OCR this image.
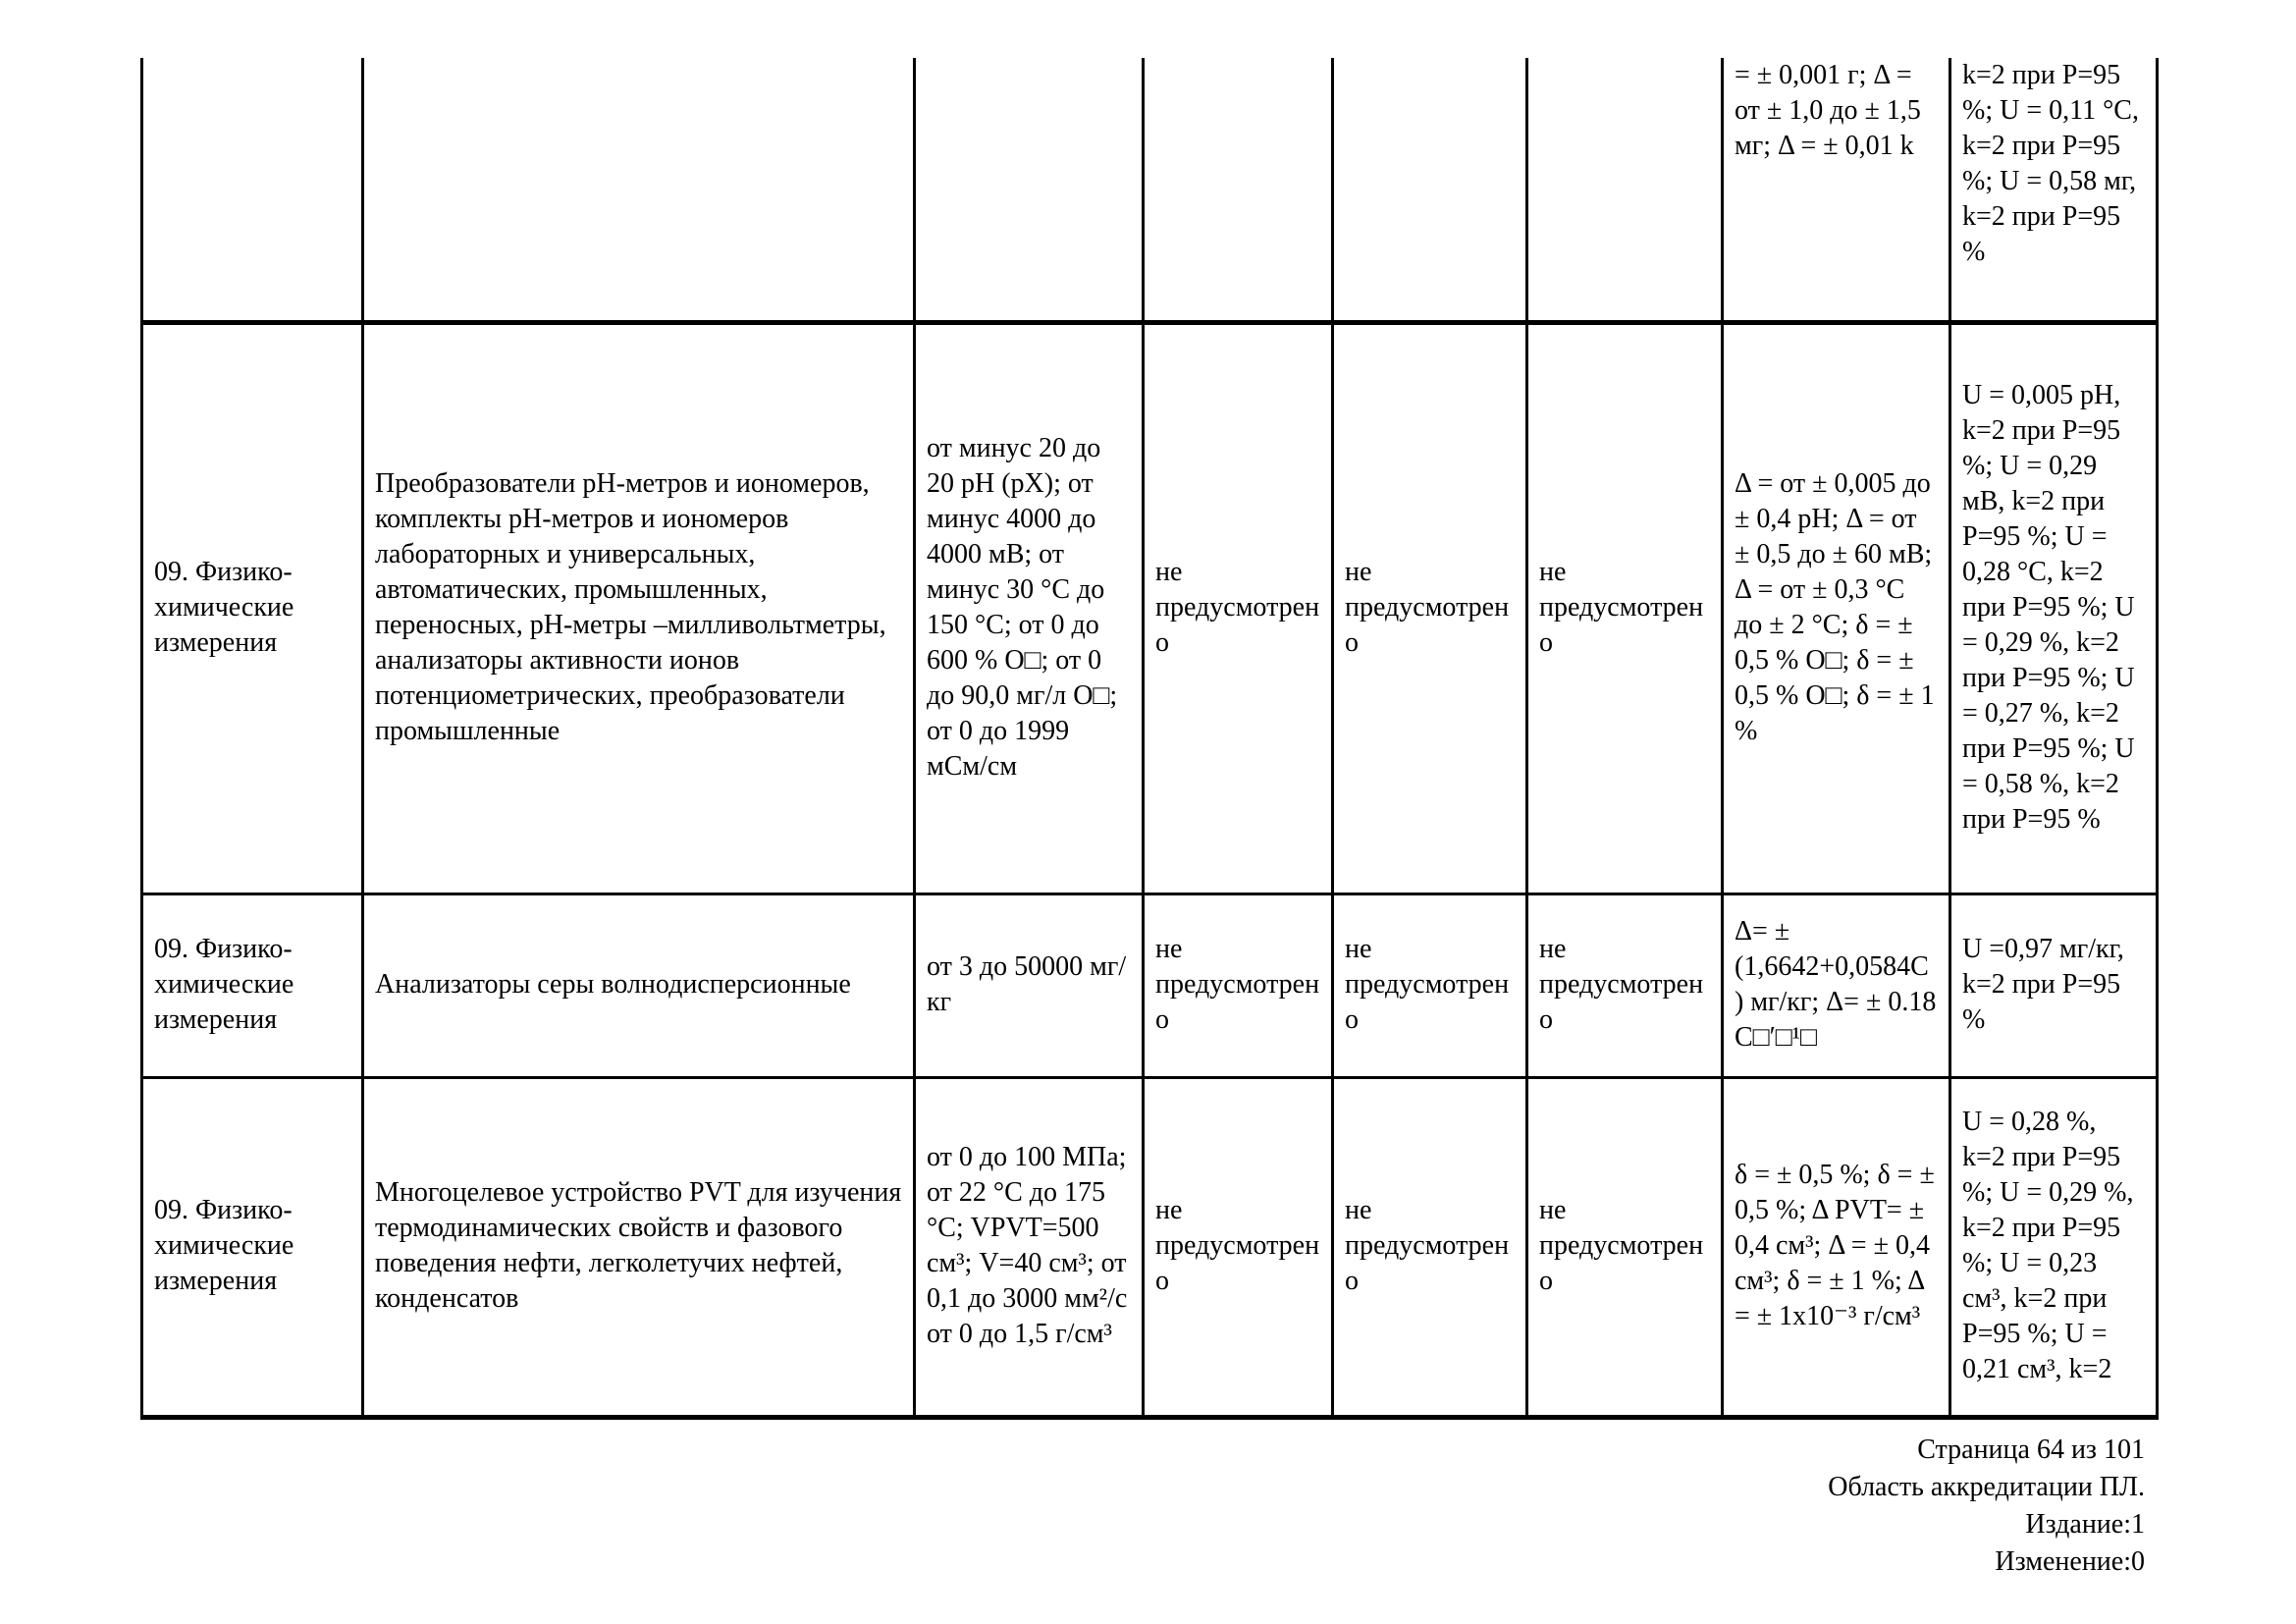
						= ± 0,001 г; Δ = от ± 1,0 до ± 1,5 мг; Δ = ± 0,01 k	k=2 при Р=95 %; U = 0,11 °С, k=2 при Р=95 %; U = 0,58 мг, k=2 при Р=95 %
09. Физико-химические измерения	Преобразователи рН-метров и иономеров, комплекты рН-метров и иономеров лабораторных и универсальных, автоматических, промышленных, переносных, рН-метры –милливольтметры, анализаторы активности ионов потенциометрических, преобразователи промышленные	от минус 20 до 20 рН (рХ); от минус 4000 до 4000 мВ; от минус 30 °С до 150 °С; от 0 до 600 % О□; от 0 до 90,0 мг/л О□; от 0 до 1999 мСм/см	не предусмотрено	не предусмотрено	не предусмотрено	Δ = от ± 0,005 до ± 0,4 рН; Δ = от ± 0,5 до ± 60 мВ; Δ = от ± 0,3 °С до ± 2 °С; δ = ± 0,5 % О□; δ = ± 0,5 % О□; δ = ± 1 %	U = 0,005 рН, k=2 при Р=95 %; U = 0,29 мВ, k=2 при Р=95 %; U = 0,28 °С, k=2 при Р=95 %; U = 0,29 %, k=2 при Р=95 %; U = 0,27 %, k=2 при Р=95 %; U = 0,58 %, k=2 при Р=95 %
09. Физико-химические измерения	Анализаторы серы волнодисперсионные	от 3 до 50000 мг/кг	не предусмотрено	не предусмотрено	не предусмотрено	Δ= ± (1,6642+0,0584C) мг/кг; Δ= ± 0.18 С□′□¹□	U =0,97 мг/кг, k=2 при Р=95 %
09. Физико-химические измерения	Многоцелевое устройство PVT для изучения термодинамических свойств и фазового поведения нефти, легколетучих нефтей, конденсатов	от 0 до 100 МПа; от 22 °С до 175 °С; VPVT=500 см³; V=40 см³; от 0,1 до 3000 мм²/с от 0 до 1,5 г/см³	не предусмотрено	не предусмотрено	не предусмотрено	δ = ± 0,5 %; δ = ± 0,5 %; Δ PVT= ± 0,4 см³; Δ = ± 0,4 см³; δ = ± 1 %; Δ = ± 1х10⁻³ г/см³	U = 0,28 %, k=2 при Р=95 %; U = 0,29 %, k=2 при Р=95 %; U = 0,23 см³, k=2 при Р=95 %; U = 0,21 см³, k=2
Страница 64 из 101
Область аккредитации ПЛ.
Издание:1
Изменение:0
